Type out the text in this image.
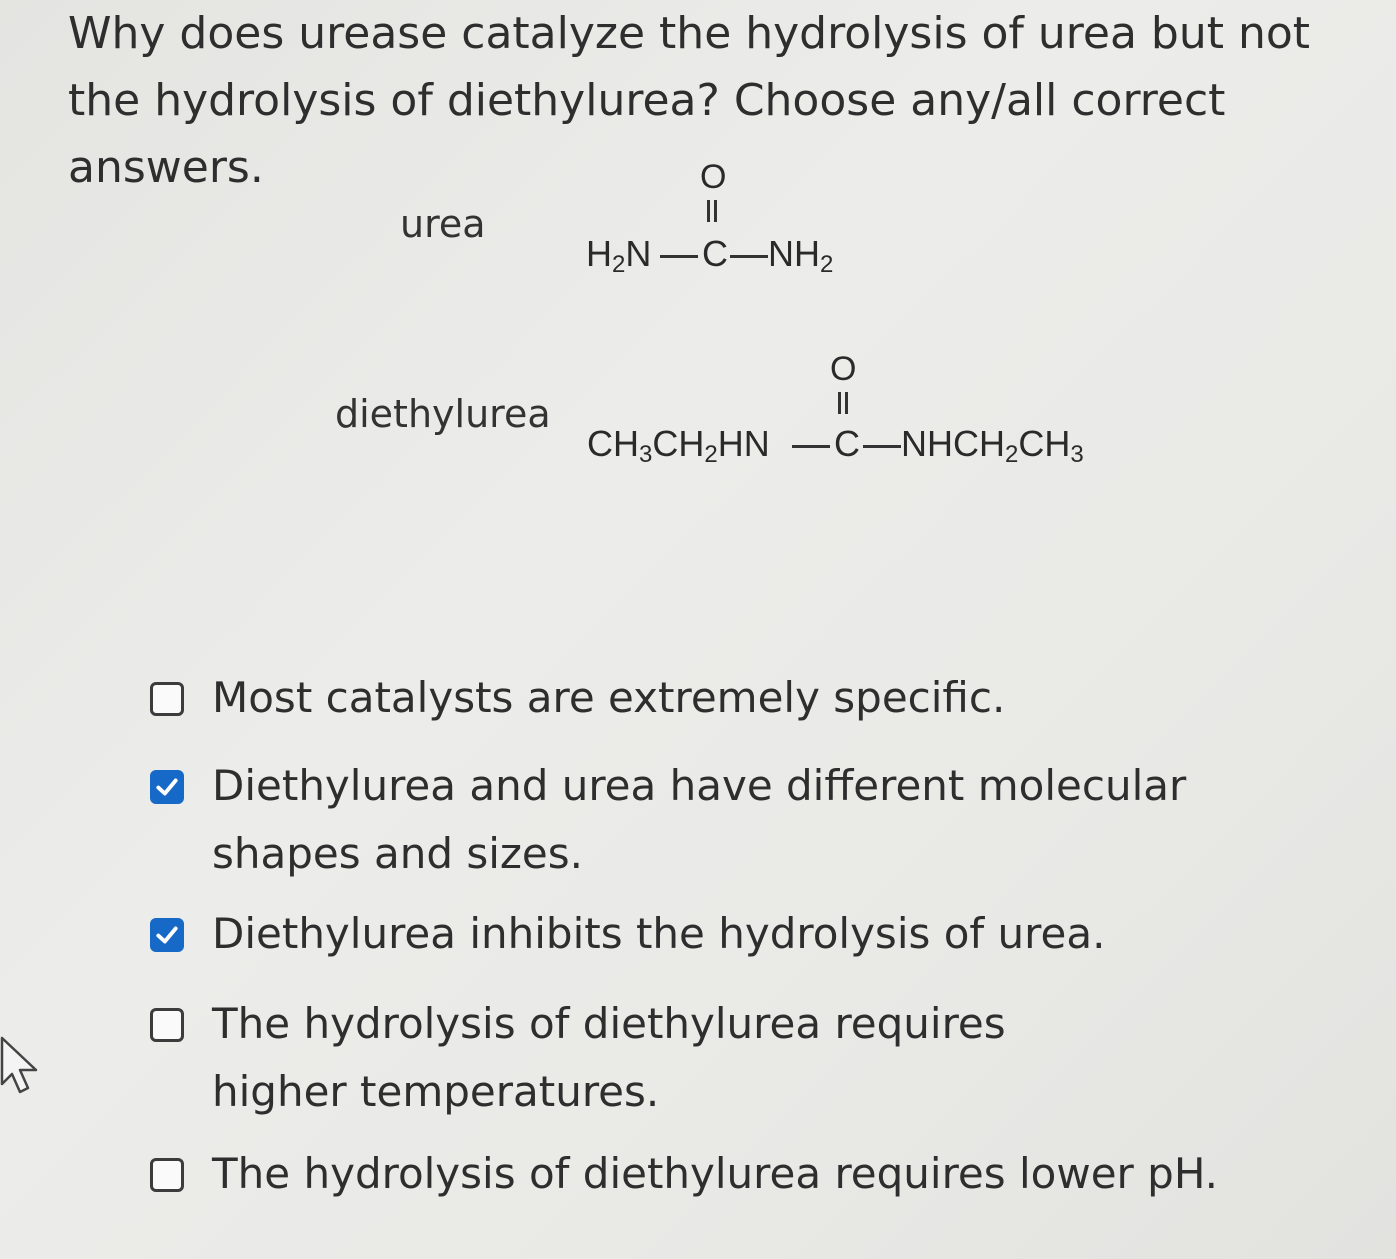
Why does urease catalyze the hydrolysis of urea but not the hydrolysis of diethylurea? Choose any/all correct answers.
urea
O
$H_2N$ C $NH_2$
diethylurea
O
$CH_3CH_2HN$ C $NHCH_2CH_3$
Most catalysts are extremely specific.
Diethylurea and urea have different molecular shapes and sizes.
Diethylurea inhibits the hydrolysis of urea.
The hydrolysis of diethylurea requires higher temperatures.
The hydrolysis of diethylurea requires lower pH.
